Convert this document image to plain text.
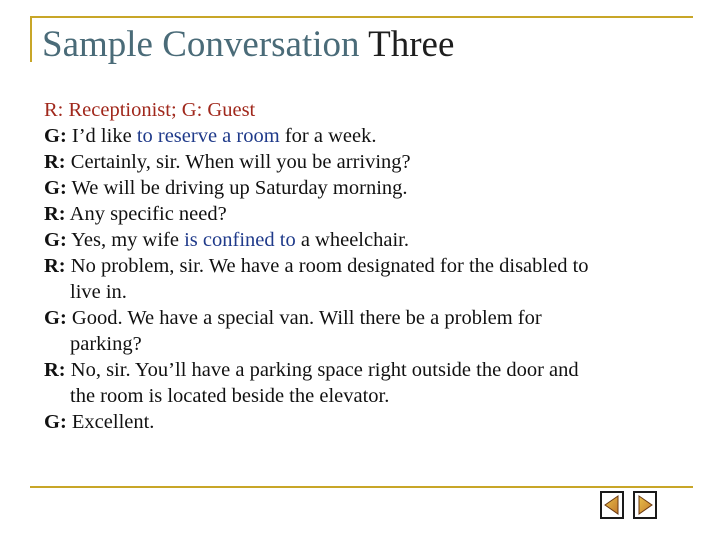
Sample Conversation Three
R: Receptionist; G: Guest
G: I’d like to reserve a room for a week.
R: Certainly, sir. When will you be arriving?
G: We will be driving up Saturday morning.
R: Any specific need?
G: Yes, my wife is confined to a wheelchair.
R: No problem, sir. We have a room designated for the disabled to
live in.
G: Good. We have a special van. Will there be a problem for
parking?
R: No, sir. You’ll have a parking space right outside the door and
the room is located beside the elevator.
G: Excellent.
